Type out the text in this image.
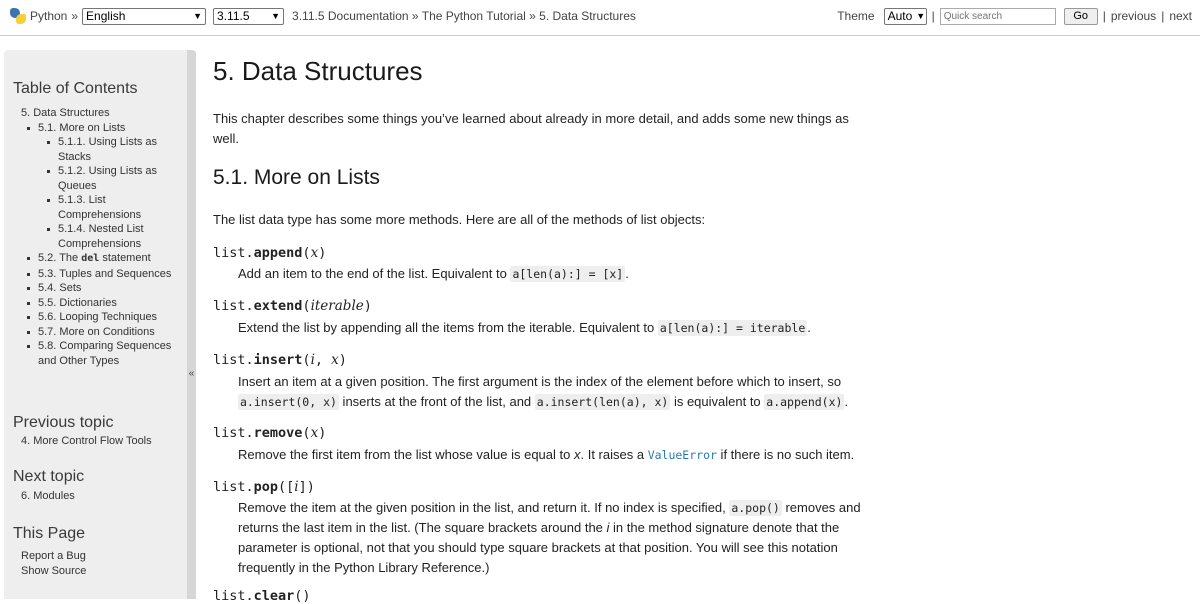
Python » English	▼ 3.11.5 ▼ 3.11.5 Documentation » The Python Tutorial » 5. Data Structures	Theme Auto ▼ |
Quick search	Go	| previous | next
Table of Contents
5. Data Structures
5.1. More on Lists
5.1.1. Using Lists as Stacks
5.1.2. Using Lists as Queues
5.1.3. List Comprehensions
5.1.4. Nested List Comprehensions
5.2. The del statement
5.3. Tuples and Sequences
5.4. Sets
5.5. Dictionaries
5.6. Looping Techniques
5.7. More on Conditions
5.8. Comparing Sequences and Other Types
Previous topic
4. More Control Flow Tools
Next topic
6. Modules
This Page
Report a Bug
Show Source
«
5. Data Structures

This chapter describes some things you’ve learned about already in more detail, and adds some new things as well.

5.1. More on Lists

The list data type has some more methods. Here are all of the methods of list objects:

list.append(x)

Add an item to the end of the list. Equivalent to a[len(a):] = [x] .

list.extend(iterable)

Extend the list by appending all the items from the iterable. Equivalent to a[len(a):] = iterable .

list.insert(i, x)

Insert an item at a given position. The first argument is the index of the element before which to insert, so a.insert(0, x) inserts at the front of the list, and a.insert(len(a), x) is equivalent to a.append(x) .

list.remove(x)

Remove the first item from the list whose value is equal to x. It raises a ValueError if there is no such item.

list.pop([i])

Remove the item at the given position in the list, and return it. If no index is specified, a.pop() removes and returns the last item in the list. (The square brackets around the i in the method signature denote that the parameter is optional, not that you should type square brackets at that position. You will see this notation frequently in the Python Library Reference.)

list.clear()
